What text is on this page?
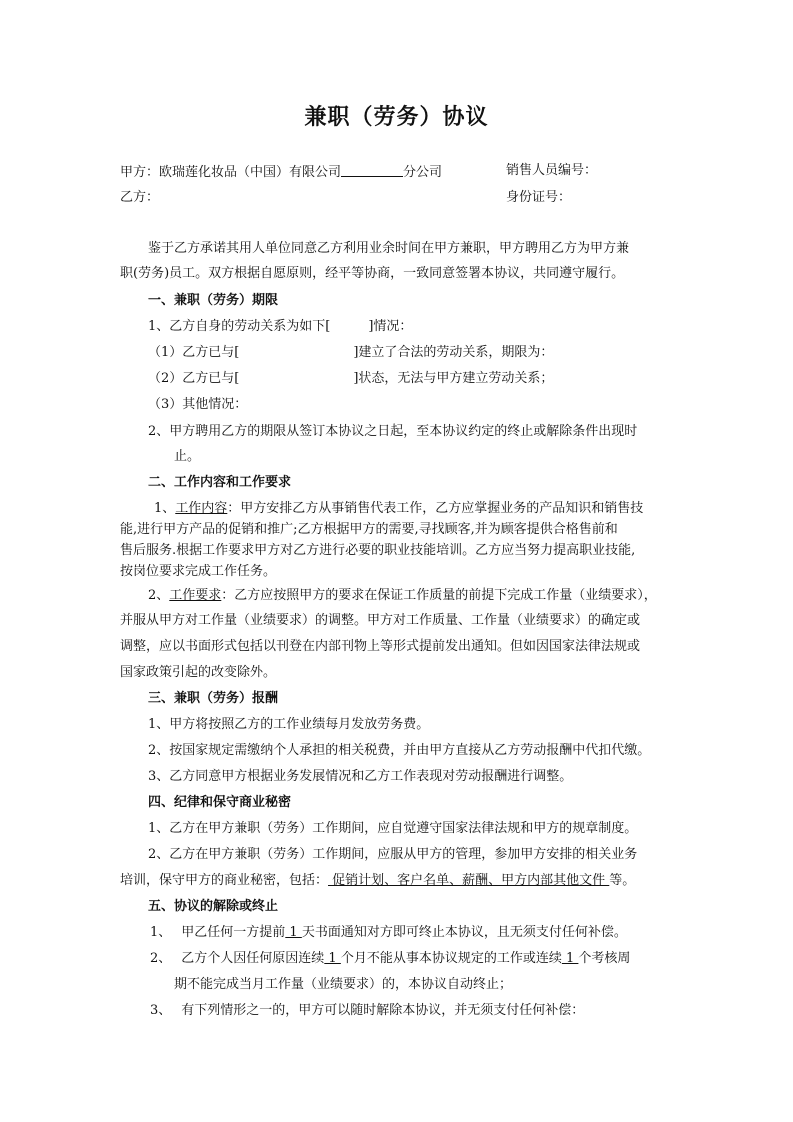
兼职（劳务）协议
甲方：欧瑞莲化妆品（中国）有限公司	分公司	销售人员编号：
乙方：	身份证号：
鉴于乙方承诺其用人单位同意乙方利用业余时间在甲方兼职，甲方聘用乙方为甲方兼
职(劳务)员工。双方根据自愿原则，经平等协商，一致同意签署本协议，共同遵守履行。
一、兼职（劳务）期限
1、乙方自身的劳动关系为如下[	]情况：
（1）乙方已与[	]建立了合法的劳动关系，期限为：
（2）乙方已与[	]状态，无法与甲方建立劳动关系；
（3）其他情况：
2、甲方聘用乙方的期限从签订本协议之日起，至本协议约定的终止或解除条件出现时
止。
二、工作内容和工作要求
1、工作内容：甲方安排乙方从事销售代表工作，乙方应掌握业务的产品知识和销售技
能,进行甲方产品的促销和推广;乙方根据甲方的需要,寻找顾客,并为顾客提供合格售前和
售后服务.根据工作要求甲方对乙方进行必要的职业技能培训。乙方应当努力提高职业技能,
按岗位要求完成工作任务。
2、工作要求：乙方应按照甲方的要求在保证工作质量的前提下完成工作量（业绩要求），
并服从甲方对工作量（业绩要求）的调整。甲方对工作质量、工作量（业绩要求）的确定或
调整，应以书面形式包括以刊登在内部刊物上等形式提前发出通知。但如因国家法律法规或
国家政策引起的改变除外。
三、兼职（劳务）报酬
1、甲方将按照乙方的工作业绩每月发放劳务费。
2、按国家规定需缴纳个人承担的相关税费，并由甲方直接从乙方劳动报酬中代扣代缴。
3、乙方同意甲方根据业务发展情况和乙方工作表现对劳动报酬进行调整。
四、纪律和保守商业秘密
1、乙方在甲方兼职（劳务）工作期间，应自觉遵守国家法律法规和甲方的规章制度。
2、乙方在甲方兼职（劳务）工作期间，应服从甲方的管理，参加甲方安排的相关业务
培训，保守甲方的商业秘密，包括： 促销计划、客户名单、薪酬、甲方内部其他文件 等。
五、协议的解除或终止
1、 甲乙任何一方提前 1 天书面通知对方即可终止本协议，且无须支付任何补偿。
2、 乙方个人因任何原因连续 1 个月不能从事本协议规定的工作或连续 1 个考核周
期不能完成当月工作量（业绩要求）的，本协议自动终止；
3、 有下列情形之一的，甲方可以随时解除本协议，并无须支付任何补偿：
